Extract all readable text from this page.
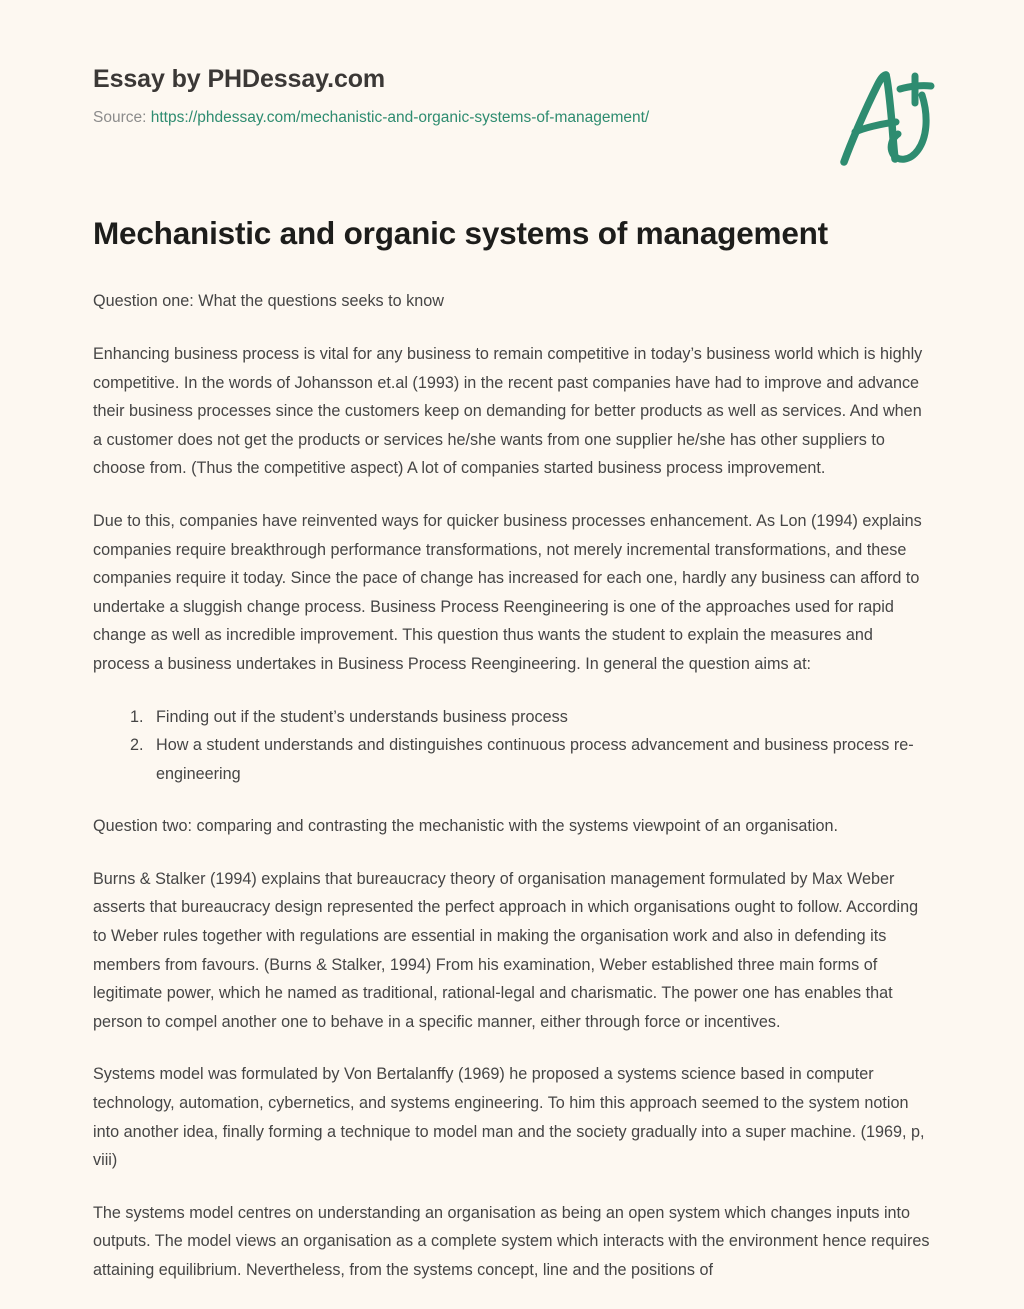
Essay by PHDessay.com
Source: https://phdessay.com/mechanistic-and-organic-systems-of-management/
Mechanistic and organic systems of management

Question one: What the questions seeks to know

Enhancing business process is vital for any business to remain competitive in today’s business world which is highly competitive. In the words of Johansson et.al (1993) in the recent past companies have had to improve and advance their business processes since the customers keep on demanding for better products as well as services. And when a customer does not get the products or services he/she wants from one supplier he/she has other suppliers to choose from. (Thus the competitive aspect) A lot of companies started business process improvement.

Due to this, companies have reinvented ways for quicker business processes enhancement. As Lon (1994) explains companies require breakthrough performance transformations, not merely incremental transformations, and these companies require it today. Since the pace of change has increased for each one, hardly any business can afford to undertake a sluggish change process. Business Process Reengineering is one of the approaches used for rapid change as well as incredible improvement. This question thus wants the student to explain the measures and process a business undertakes in Business Process Reengineering. In general the question aims at:

1. Finding out if the student’s understands business process
2. How a student understands and distinguishes continuous process advancement and business process re-engineering

Question two: comparing and contrasting the mechanistic with the systems viewpoint of an organisation.

Burns & Stalker (1994) explains that bureaucracy theory of organisation management formulated by Max Weber asserts that bureaucracy design represented the perfect approach in which organisations ought to follow. According to Weber rules together with regulations are essential in making the organisation work and also in defending its members from favours. (Burns & Stalker, 1994) From his examination, Weber established three main forms of legitimate power, which he named as traditional, rational-legal and charismatic. The power one has enables that person to compel another one to behave in a specific manner, either through force or incentives.

Systems model was formulated by Von Bertalanffy (1969) he proposed a systems science based in computer technology, automation, cybernetics, and systems engineering. To him this approach seemed to the system notion into another idea, finally forming a technique to model man and the society gradually into a super machine. (1969, p, viii)

The systems model centres on understanding an organisation as being an open system which changes inputs into outputs. The model views an organisation as a complete system which interacts with the environment hence requires attaining equilibrium. Nevertheless, from the systems concept, line and the positions of
